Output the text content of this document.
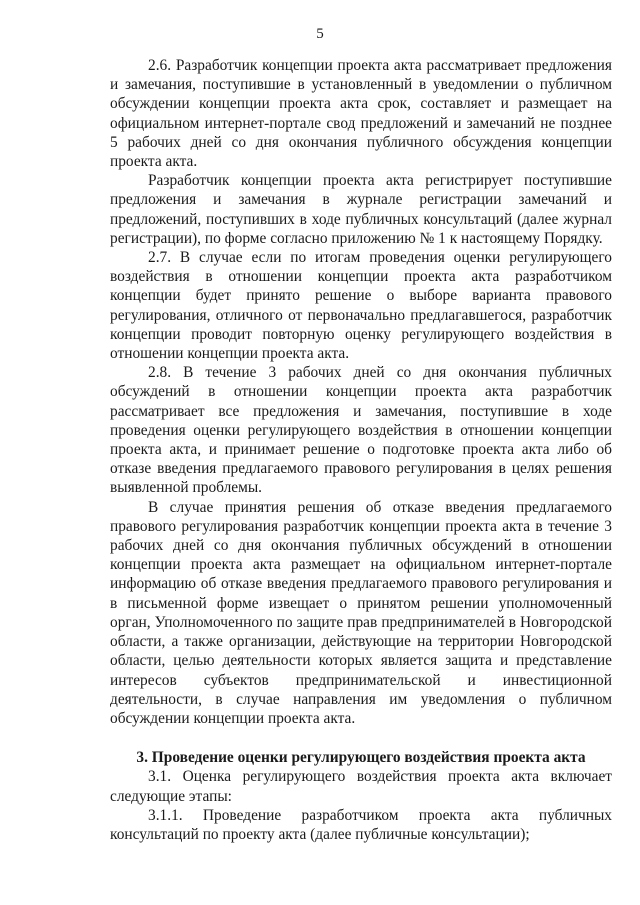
5

2.6. Разработчик концепции проекта акта рассматривает предложения и замечания, поступившие в установленный в уведомлении о публичном обсуждении концепции проекта акта срок, составляет и размещает на официальном интернет-портале свод предложений и замечаний не позднее 5 рабочих дней со дня окончания публичного обсуждения концепции проекта акта.

Разработчик концепции проекта акта регистрирует поступившие предложения и замечания в журнале регистрации замечаний и предложений, поступивших в ходе публичных консультаций (далее журнал регистрации), по форме согласно приложению № 1 к настоящему Порядку.

2.7. В случае если по итогам проведения оценки регулирующего воздействия в отношении концепции проекта акта разработчиком концепции будет принято решение о выборе варианта правового регулирования, отличного от первоначально предлагавшегося, разработчик концепции проводит повторную оценку регулирующего воздействия в отношении концепции проекта акта.

2.8. В течение 3 рабочих дней со дня окончания публичных обсуждений в отношении концепции проекта акта разработчик рассматривает все предложения и замечания, поступившие в ходе проведения оценки регулирующего воздействия в отношении концепции проекта акта, и принимает решение о подготовке проекта акта либо об отказе введения предлагаемого правового регулирования в целях решения выявленной проблемы.

В случае принятия решения об отказе введения предлагаемого правового регулирования разработчик концепции проекта акта в течение 3 рабочих дней со дня окончания публичных обсуждений в отношении концепции проекта акта размещает на официальном интернет-портале информацию об отказе введения предлагаемого правового регулирования и в письменной форме извещает о принятом решении уполномоченный орган, Уполномоченного по защите прав предпринимателей в Новгородской области, а также организации, действующие на территории Новгородской области, целью деятельности которых является защита и представление интересов субъектов предпринимательской и инвестиционной деятельности, в случае направления им уведомления о публичном обсуждении концепции проекта акта.

3. Проведение оценки регулирующего воздействия проекта акта

3.1. Оценка регулирующего воздействия проекта акта включает следующие этапы:

3.1.1. Проведение разработчиком проекта акта публичных консультаций по проекту акта (далее публичные консультации);
